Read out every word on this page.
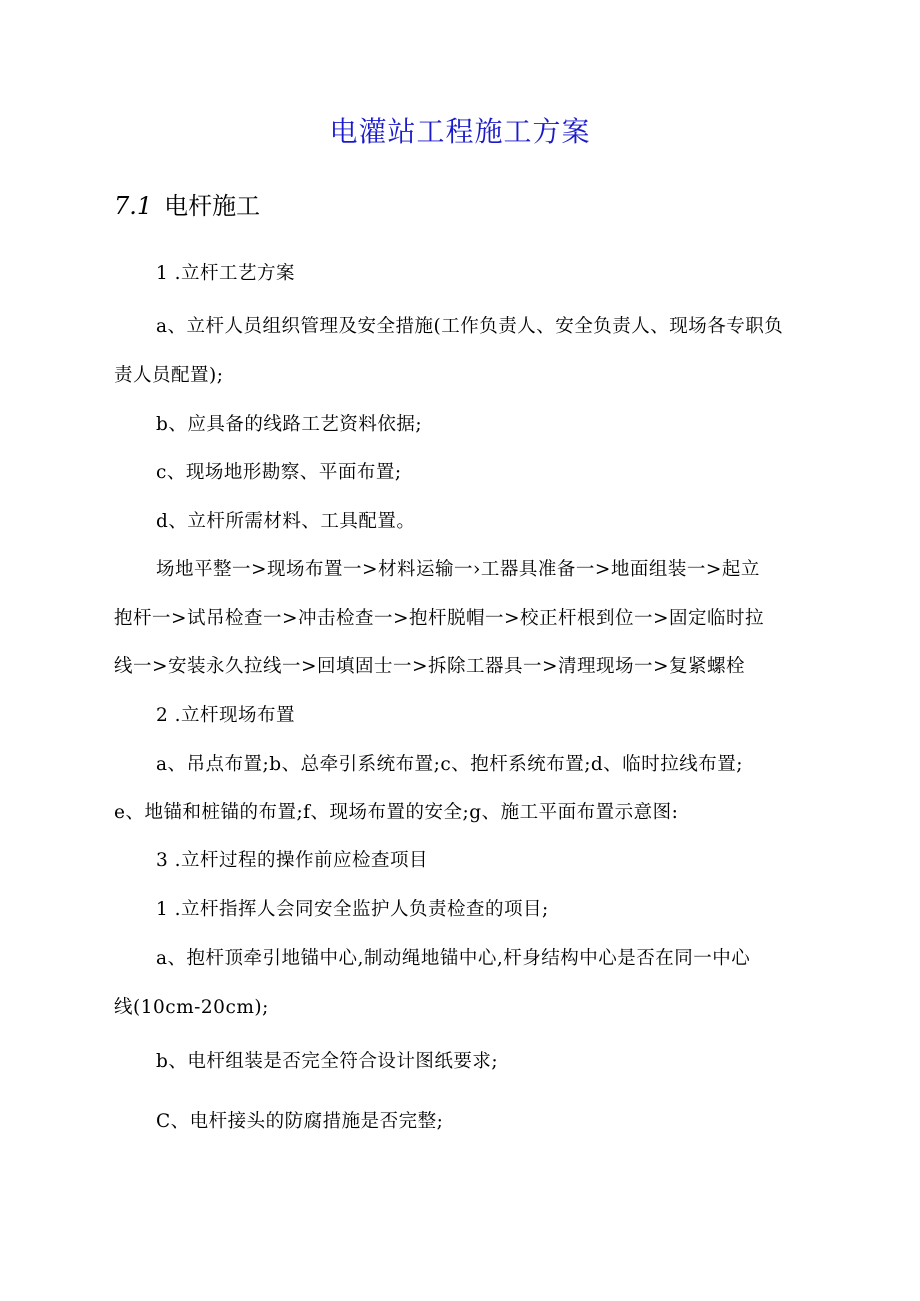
电灌站工程施工方案
7.1 电杆施工

1 .立杆工艺方案

a、立杆人员组织管理及安全措施(工作负责人、安全负责人、现场各专职负

责人员配置);

b、应具备的线路工艺资料依据;

c、现场地形勘察、平面布置;

d、立杆所需材料、工具配置。

场地平整一>现场布置一>材料运输一›工器具准备一>地面组装一>起立

抱杆一>试吊检查一>冲击检查一>抱杆脱帽一>校正杆根到位一>固定临时拉

线一>安装永久拉线一>回填固士一>拆除工器具一>清理现场一>复紧螺栓

2 .立杆现场布置

a、吊点布置;b、总牵引系统布置;c、抱杆系统布置;d、临时拉线布置;

e、地锚和桩锚的布置;f、现场布置的安全;g、施工平面布置示意图:

3 .立杆过程的操作前应检查项目

1 .立杆指挥人会同安全监护人负责检查的项目;

a、抱杆顶牵引地锚中心,制动绳地锚中心,杆身结构中心是否在同一中心

线(10cm-20cm);

b、电杆组装是否完全符合设计图纸要求;

C、电杆接头的防腐措施是否完整;
